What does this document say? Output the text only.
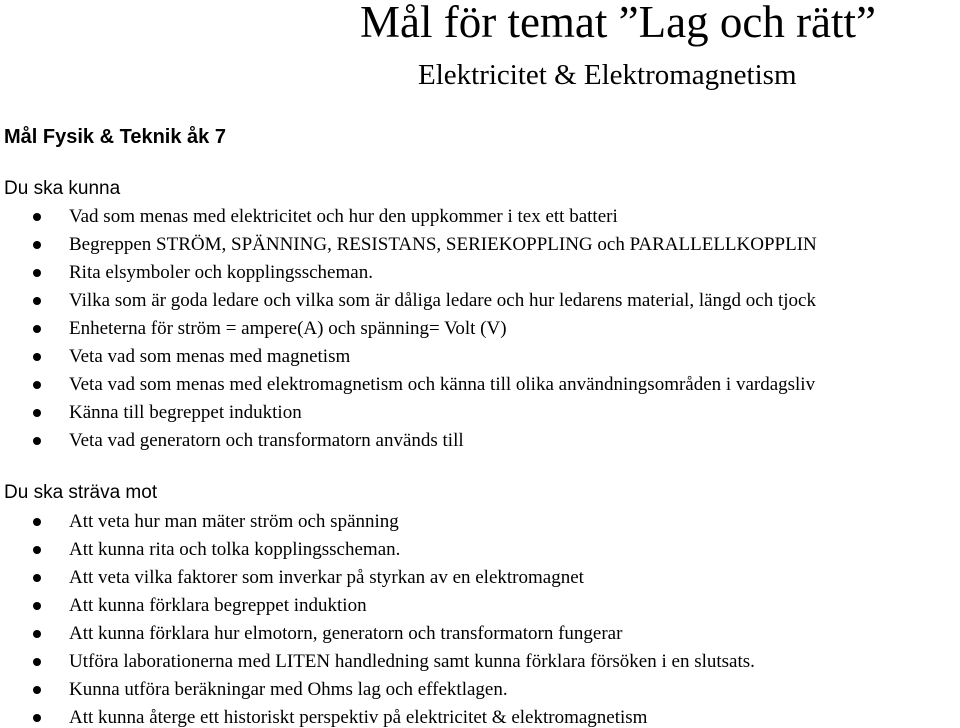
Mål för temat ”Lag och rätt”
Elektricitet & Elektromagnetism
Mål Fysik & Teknik åk 7
Du ska kunna
Vad som menas med elektricitet och hur den uppkommer i tex ett batteri
Begreppen STRÖM, SPÄNNING, RESISTANS, SERIEKOPPLING och PARALLELLKOPPLIN
Rita elsymboler och kopplingsscheman.
Vilka som är goda ledare och vilka som är dåliga ledare och hur ledarens material, längd och tjock
Enheterna för ström = ampere(A) och spänning= Volt (V)
Veta vad som menas med magnetism
Veta vad som menas med elektromagnetism och känna till olika användningsområden i vardagsliv
Känna till begreppet induktion
Veta vad generatorn och transformatorn används till
Du ska sträva mot
Att veta hur man mäter ström och spänning
Att kunna rita och tolka kopplingsscheman.
Att veta vilka faktorer som inverkar på styrkan av en elektromagnet
Att kunna förklara begreppet induktion
Att kunna förklara hur elmotorn, generatorn och transformatorn fungerar
Utföra laborationerna med LITEN handledning samt kunna förklara försöken i en slutsats.
Kunna utföra beräkningar med Ohms lag och effektlagen.
Att kunna återge ett historiskt perspektiv på elektricitet & elektromagnetism
